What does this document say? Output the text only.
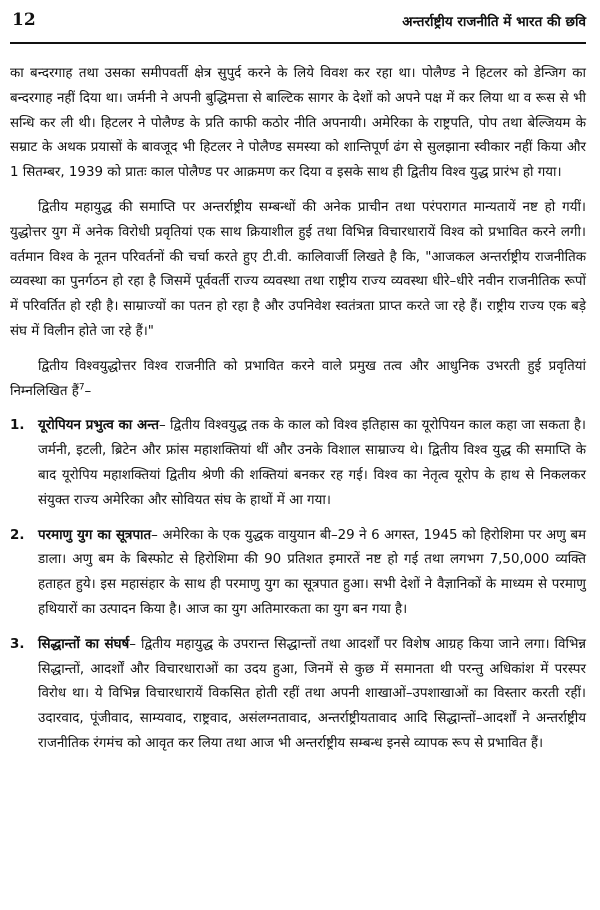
12	अन्तर्राष्ट्रीय राजनीति में भारत की छवि

का बन्दरगाह तथा उसका समीपवर्ती क्षेत्र सुपुर्द करने के लिये विवश कर रहा था। पोलैण्ड ने हिटलर को डेन्जिग का बन्दरगाह नहीं दिया था। जर्मनी ने अपनी बुद्धिमत्ता से बाल्टिक सागर के देशों को अपने पक्ष में कर लिया था व रूस से भी सन्धि कर ली थी। हिटलर ने पोलैण्ड के प्रति काफी कठोर नीति अपनायी। अमेरिका के राष्ट्रपति, पोप तथा बेल्जियम के सम्राट के अथक प्रयासों के बावजूद भी हिटलर ने पोलैण्ड समस्या को शान्तिपूर्ण ढंग से सुलझाना स्वीकार नहीं किया और 1 सितम्बर, 1939 को प्रातः काल पोलैण्ड पर आक्रमण कर दिया व इसके साथ ही द्वितीय विश्व युद्ध प्रारंभ हो गया।

द्वितीय महायुद्ध की समाप्ति पर अन्तर्राष्ट्रीय सम्बन्धों की अनेक प्राचीन तथा परंपरागत मान्यतायें नष्ट हो गयीं। युद्धोत्तर युग में अनेक विरोधी प्रवृतियां एक साथ क्रियाशील हुई तथा विभिन्न विचारधारायें विश्व को प्रभावित करने लगी। वर्तमान विश्व के नूतन परिवर्तनों की चर्चा करते हुए टी.वी. कालिवार्जी लिखते है कि, "आजकल अन्तर्राष्ट्रीय राजनीतिक व्यवस्था का पुनर्गठन हो रहा है जिसमें पूर्ववर्ती राज्य व्यवस्था तथा राष्ट्रीय राज्य व्यवस्था धीरे–धीरे नवीन राजनीतिक रूपों में परिवर्तित हो रही है। साम्राज्यों का पतन हो रहा है और उपनिवेश स्वतंत्रता प्राप्त करते जा रहे हैं। राष्ट्रीय राज्य एक बड़े संघ में विलीन होते जा रहे हैं।"

द्वितीय विश्वयुद्धोत्तर विश्व राजनीति को प्रभावित करने वाले प्रमुख तत्व और आधुनिक उभरती हुई प्रवृतियां निम्नलिखित हैं$^7$–

1. यूरोपियन प्रभुत्व का अन्त– द्वितीय विश्वयुद्ध तक के काल को विश्व इतिहास का यूरोपियन काल कहा जा सकता है। जर्मनी, इटली, ब्रिटेन और फ्रांस महाशक्तियां थीं और उनके विशाल साम्राज्य थे। द्वितीय विश्व युद्ध की समाप्ति के बाद यूरोपिय महाशक्तियां द्वितीय श्रेणी की शक्तियां बनकर रह गई। विश्व का नेतृत्व यूरोप के हाथ से निकलकर संयुक्त राज्य अमेरिका और सोवियत संघ के हाथों में आ गया।
2. परमाणु युग का सूत्रपात– अमेरिका के एक युद्धक वायुयान बी–29 ने 6 अगस्त, 1945 को हिरोशिमा पर अणु बम डाला। अणु बम के बिस्फोट से हिरोशिमा की 90 प्रतिशत इमारतें नष्ट हो गई तथा लगभग 7,50,000 व्यक्ति हताहत हुये। इस महासंहार के साथ ही परमाणु युग का सूत्रपात हुआ। सभी देशों ने वैज्ञानिकों के माध्यम से परमाणु हथियारों का उत्पादन किया है। आज का युग अतिमारकता का युग बन गया है।
3. सिद्धान्तों का संघर्ष– द्वितीय महायुद्ध के उपरान्त सिद्धान्तों तथा आदर्शों पर विशेष आग्रह किया जाने लगा। विभिन्न सिद्धान्तों, आदर्शों और विचारधाराओं का उदय हुआ, जिनमें से कुछ में समानता थी परन्तु अधिकांश में परस्पर विरोध था। ये विभिन्न विचारधारायें विकसित होती रहीं तथा अपनी शाखाओं–उपशाखाओं का विस्तार करती रहीं। उदारवाद, पूंजीवाद, साम्यवाद, राष्ट्रवाद, असंलग्नतावाद, अन्तर्राष्ट्रीयतावाद आदि सिद्धान्तों–आदर्शों ने अन्तर्राष्ट्रीय राजनीतिक रंगमंच को आवृत कर लिया तथा आज भी अन्तर्राष्ट्रीय सम्बन्ध इनसे व्यापक रूप से प्रभावित हैं।
